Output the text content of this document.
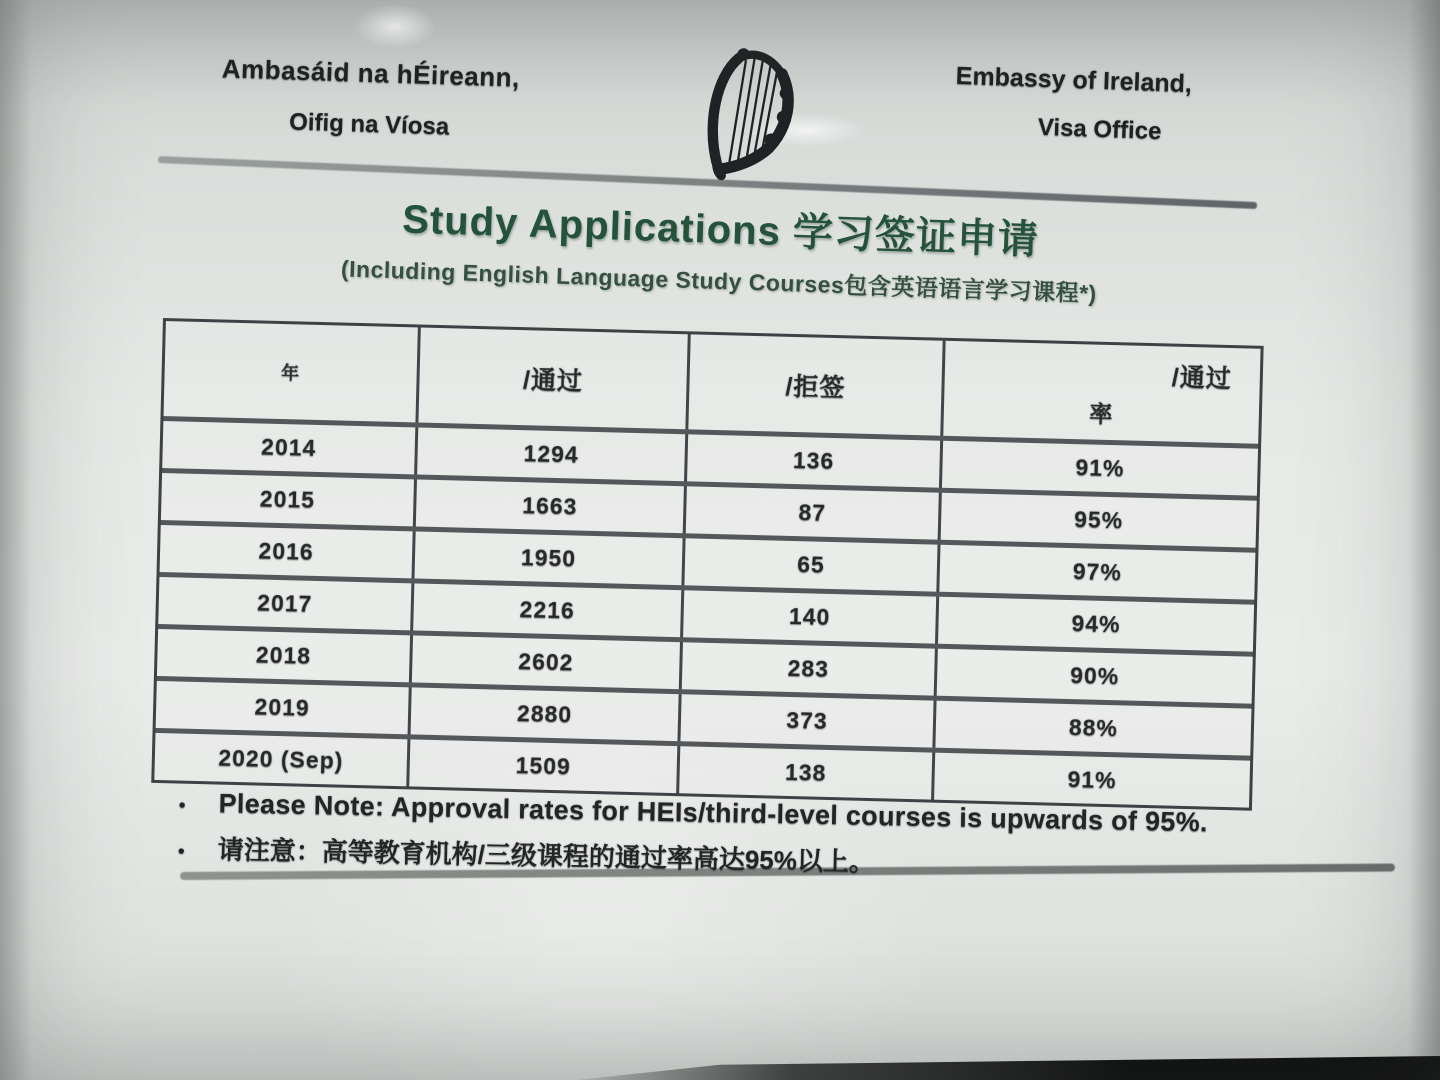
Ambasáid na hÉireann,
Oifig na Víosa
Embassy of Ireland,
Visa Office
Study Applications 学习签证申请
(Including English Language Study Courses包含英语语言学习课程*)
年	/通过	/拒签	/通过
率
2014	1294	136	91%
2015	1663	87	95%
2016	1950	65	97%
2017	2216	140	94%
2018	2602	283	90%
2019	2880	373	88%
2020 (Sep)	1509	138	91%
•	Please Note: Approval rates for HEIs/third-level courses is upwards of 95%.
•	请注意：高等教育机构/三级课程的通过率高达95%以上。
